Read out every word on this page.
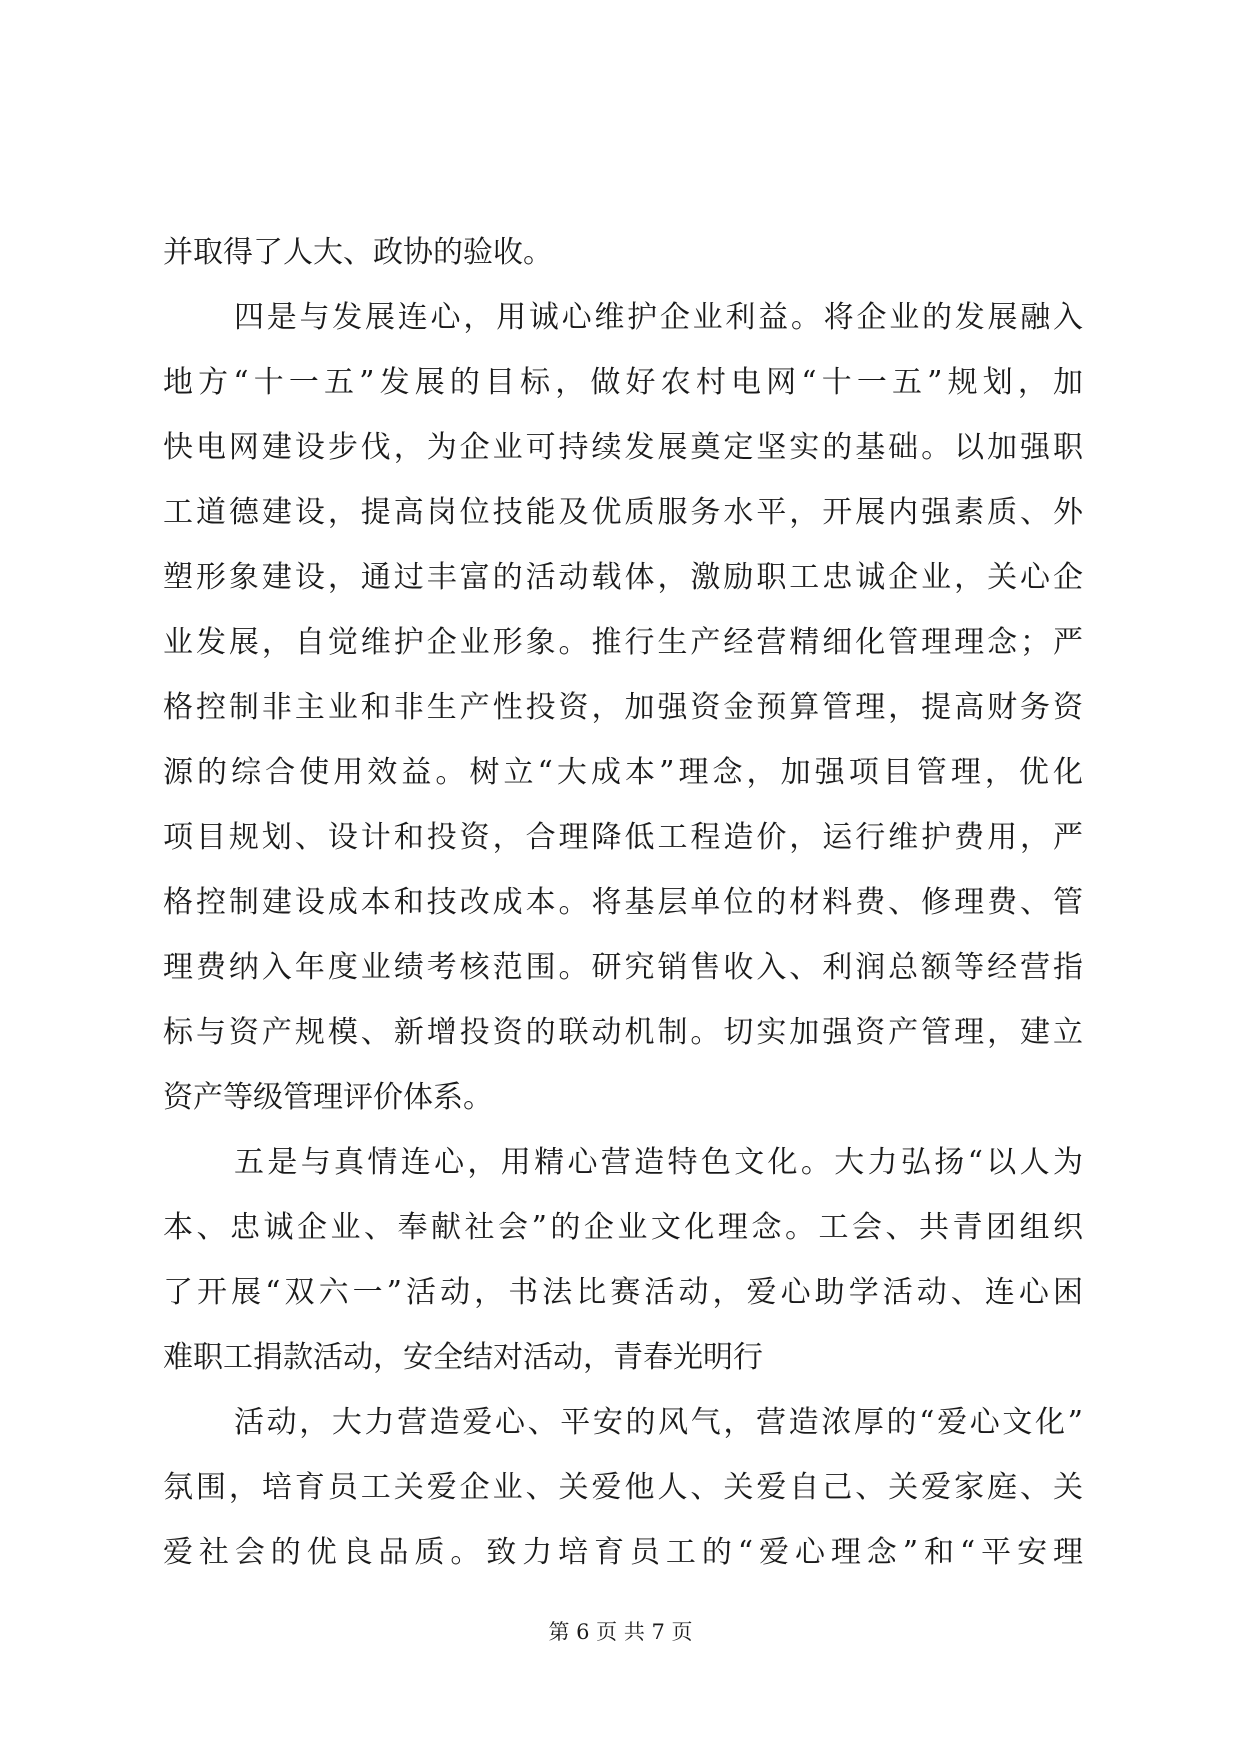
并取得了人大、政协的验收。
四是与发展连心，用诚心维护企业利益。将企业的发展融入
地方“十一五”发展的目标，做好农村电网“十一五”规划，加
快电网建设步伐，为企业可持续发展奠定坚实的基础。以加强职
工道德建设，提高岗位技能及优质服务水平，开展内强素质、外
塑形象建设，通过丰富的活动载体，激励职工忠诚企业，关心企
业发展，自觉维护企业形象。推行生产经营精细化管理理念；严
格控制非主业和非生产性投资，加强资金预算管理，提高财务资
源的综合使用效益。树立“大成本”理念，加强项目管理，优化
项目规划、设计和投资，合理降低工程造价，运行维护费用，严
格控制建设成本和技改成本。将基层单位的材料费、修理费、管
理费纳入年度业绩考核范围。研究销售收入、利润总额等经营指
标与资产规模、新增投资的联动机制。切实加强资产管理，建立
资产等级管理评价体系。
五是与真情连心，用精心营造特色文化。大力弘扬“以人为
本、忠诚企业、奉献社会”的企业文化理念。工会、共青团组织
了开展“双六一”活动，书法比赛活动，爱心助学活动、连心困
难职工捐款活动，安全结对活动，青春光明行
活动，大力营造爱心、平安的风气，营造浓厚的“爱心文化”
氛围，培育员工关爱企业、关爱他人、关爱自己、关爱家庭、关
爱社会的优良品质。致力培育员工的“爱心理念”和“平安理
第 6 页 共 7 页
